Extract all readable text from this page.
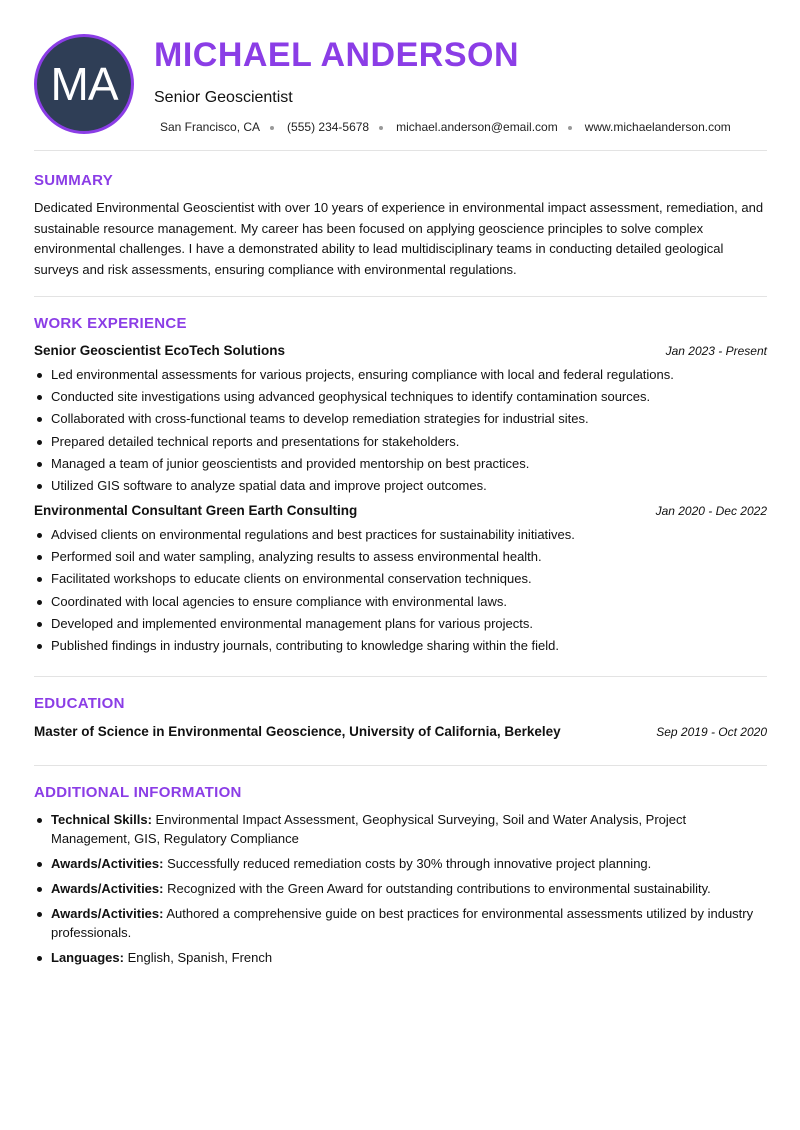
MA
MICHAEL ANDERSON
Senior Geoscientist
San Francisco, CA (555) 234-5678 michael.anderson@email.com www.michaelanderson.com
SUMMARY

Dedicated Environmental Geoscientist with over 10 years of experience in environmental impact assessment, remediation, and sustainable resource management. My career has been focused on applying geoscience principles to solve complex environmental challenges. I have a demonstrated ability to lead multidisciplinary teams in conducting detailed geological surveys and risk assessments, ensuring compliance with environmental regulations.

WORK EXPERIENCE
Senior Geoscientist EcoTech Solutions	Jan 2023 - Present
Led environmental assessments for various projects, ensuring compliance with local and federal regulations.
Conducted site investigations using advanced geophysical techniques to identify contamination sources.
Collaborated with cross-functional teams to develop remediation strategies for industrial sites.
Prepared detailed technical reports and presentations for stakeholders.
Managed a team of junior geoscientists and provided mentorship on best practices.
Utilized GIS software to analyze spatial data and improve project outcomes.
Environmental Consultant Green Earth Consulting	Jan 2020 - Dec 2022
Advised clients on environmental regulations and best practices for sustainability initiatives.
Performed soil and water sampling, analyzing results to assess environmental health.
Facilitated workshops to educate clients on environmental conservation techniques.
Coordinated with local agencies to ensure compliance with environmental laws.
Developed and implemented environmental management plans for various projects.
Published findings in industry journals, contributing to knowledge sharing within the field.
EDUCATION
Master of Science in Environmental Geoscience, University of California, Berkeley	Sep 2019 - Oct 2020
ADDITIONAL INFORMATION
Technical Skills: Environmental Impact Assessment, Geophysical Surveying, Soil and Water Analysis, Project Management, GIS, Regulatory Compliance
Awards/Activities: Successfully reduced remediation costs by 30% through innovative project planning.
Awards/Activities: Recognized with the Green Award for outstanding contributions to environmental sustainability.
Awards/Activities: Authored a comprehensive guide on best practices for environmental assessments utilized by industry professionals.
Languages: English, Spanish, French
